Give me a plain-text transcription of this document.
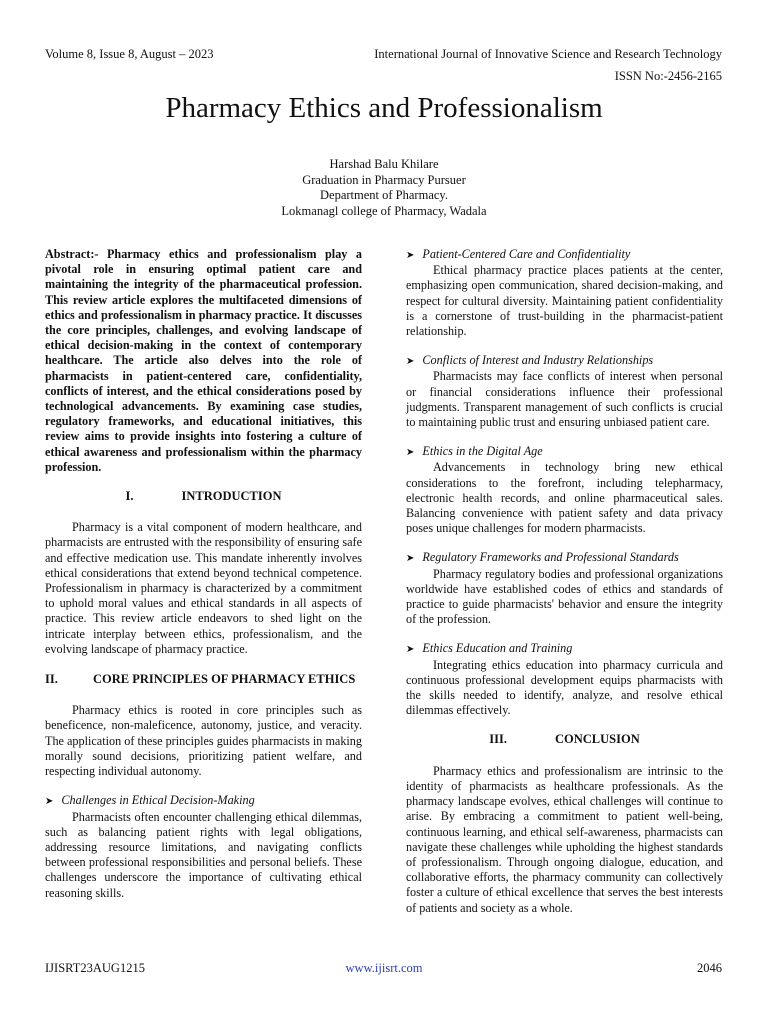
Volume 8, Issue 8, August – 2023	International Journal of Innovative Science and Research Technology
ISSN No:-2456-2165
Pharmacy Ethics and Professionalism
Harshad Balu Khilare
Graduation in Pharmacy Pursuer
Department of Pharmacy.
Lokmanagl college of Pharmacy, Wadala

Abstract:- Pharmacy ethics and professionalism play a pivotal role in ensuring optimal patient care and maintaining the integrity of the pharmaceutical profession. This review article explores the multifaceted dimensions of ethics and professionalism in pharmacy practice. It discusses the core principles, challenges, and evolving landscape of ethical decision-making in the context of contemporary healthcare. The article also delves into the role of pharmacists in patient-centered care, confidentiality, conflicts of interest, and the ethical considerations posed by technological advancements. By examining case studies, regulatory frameworks, and educational initiatives, this review aims to provide insights into fostering a culture of ethical awareness and professionalism within the pharmacy profession.

I.	INTRODUCTION

Pharmacy is a vital component of modern healthcare, and pharmacists are entrusted with the responsibility of ensuring safe and effective medication use. This mandate inherently involves ethical considerations that extend beyond technical competence. Professionalism in pharmacy is characterized by a commitment to uphold moral values and ethical standards in all aspects of practice. This review article endeavors to shed light on the intricate interplay between ethics, professionalism, and the evolving landscape of pharmacy practice.

II.	CORE PRINCIPLES OF PHARMACY ETHICS

Pharmacy ethics is rooted in core principles such as beneficence, non-maleficence, autonomy, justice, and veracity. The application of these principles guides pharmacists in making morally sound decisions, prioritizing patient welfare, and respecting individual autonomy.

➤ Challenges in Ethical Decision-Making

Pharmacists often encounter challenging ethical dilemmas, such as balancing patient rights with legal obligations, addressing resource limitations, and navigating conflicts between professional responsibilities and personal beliefs. These challenges underscore the importance of cultivating ethical reasoning skills.

➤ Patient-Centered Care and Confidentiality

Ethical pharmacy practice places patients at the center, emphasizing open communication, shared decision-making, and respect for cultural diversity. Maintaining patient confidentiality is a cornerstone of trust-building in the pharmacist-patient relationship.

➤ Conflicts of Interest and Industry Relationships

Pharmacists may face conflicts of interest when personal or financial considerations influence their professional judgments. Transparent management of such conflicts is crucial to maintaining public trust and ensuring unbiased patient care.

➤ Ethics in the Digital Age

Advancements in technology bring new ethical considerations to the forefront, including telepharmacy, electronic health records, and online pharmaceutical sales. Balancing convenience with patient safety and data privacy poses unique challenges for modern pharmacists.

➤ Regulatory Frameworks and Professional Standards

Pharmacy regulatory bodies and professional organizations worldwide have established codes of ethics and standards of practice to guide pharmacists' behavior and ensure the integrity of the profession.

➤ Ethics Education and Training

Integrating ethics education into pharmacy curricula and continuous professional development equips pharmacists with the skills needed to identify, analyze, and resolve ethical dilemmas effectively.

III.	CONCLUSION

Pharmacy ethics and professionalism are intrinsic to the identity of pharmacists as healthcare professionals. As the pharmacy landscape evolves, ethical challenges will continue to arise. By embracing a commitment to patient well-being, continuous learning, and ethical self-awareness, pharmacists can navigate these challenges while upholding the highest standards of professionalism. Through ongoing dialogue, education, and collaborative efforts, the pharmacy community can collectively foster a culture of ethical excellence that serves the best interests of patients and society as a whole.

IJISRT23AUG1215	www.ijisrt.com	2046
